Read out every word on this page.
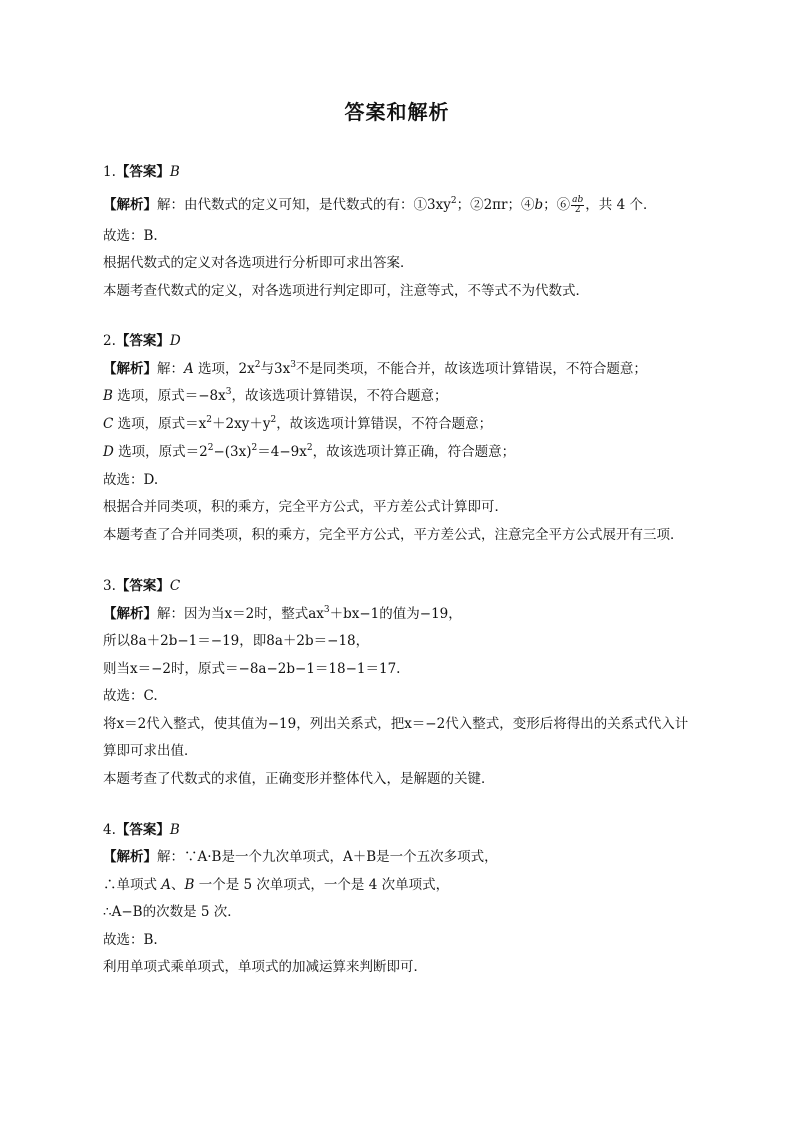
答案和解析
1.【答案】B
【解析】解：由代数式的定义可知，是代数式的有：$①3xy^2$；②2πr；④b；⑥ $\frac{ab}{2}$ ，共 4 个．
故选：B.
根据代数式的定义对各选项进行分析即可求出答案．
本题考查代数式的定义，对各选项进行判定即可，注意等式，不等式不为代数式．
2.【答案】D
【解析】解：A 选项，$2x^2$与$3x^3$不是同类项，不能合并，故该选项计算错误，不符合题意；
B 选项，原式$=-8x^3$，故该选项计算错误，不符合题意；
C 选项，原式$=x^2+2xy+y^2$，故该选项计算错误，不符合题意；
D 选项，原式$=2^2-(3x)^2=4-9x^2$，故该选项计算正确，符合题意；
故选：D.
根据合并同类项，积的乘方，完全平方公式，平方差公式计算即可．
本题考查了合并同类项，积的乘方，完全平方公式，平方差公式，注意完全平方公式展开有三项．
3.【答案】C
【解析】解：因为当x＝2时，整式$ax^3+bx-1$的值为−19，
所以8a＋2b−1＝−19，即8a＋2b＝−18，
则当x＝−2时，原式＝−8a−2b−1＝18−1＝17.
故选：C.
将x＝2代入整式，使其值为−19，列出关系式，把x＝−2代入整式，变形后将得出的关系式代入计
算即可求出值．
本题考查了代数式的求值，正确变形并整体代入，是解题的关键．
4.【答案】B
【解析】解：∵A·B是一个九次单项式，A＋B是一个五次多项式，
∴单项式 A、B 一个是 5 次单项式，一个是 4 次单项式，
∴A−B的次数是 5 次．
故选：B.
利用单项式乘单项式，单项式的加减运算来判断即可．
